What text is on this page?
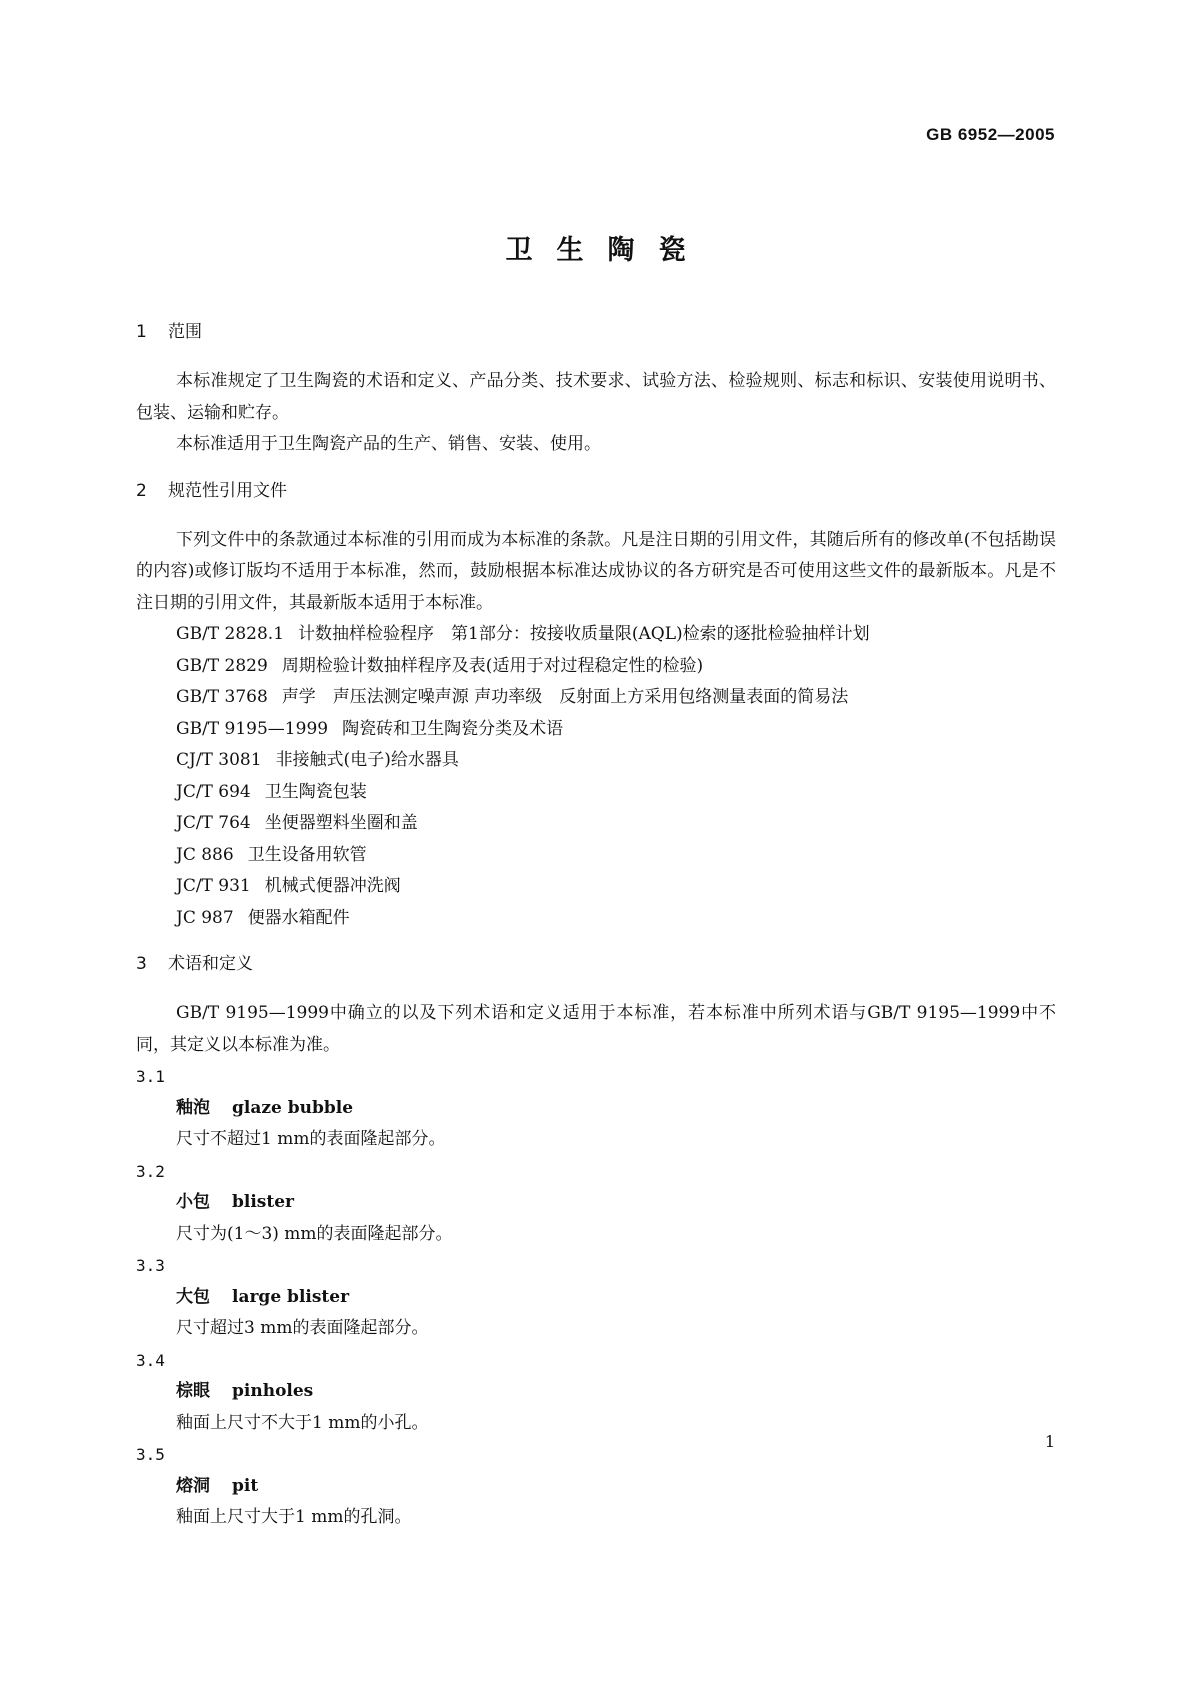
GB 6952—2005
卫生陶瓷
1 范围

本标准规定了卫生陶瓷的术语和定义、产品分类、技术要求、试验方法、检验规则、标志和标识、安装使用说明书、包装、运输和贮存。

本标准适用于卫生陶瓷产品的生产、销售、安装、使用。

2 规范性引用文件

下列文件中的条款通过本标准的引用而成为本标准的条款。凡是注日期的引用文件，其随后所有的修改单(不包括勘误的内容)或修订版均不适用于本标准，然而，鼓励根据本标准达成协议的各方研究是否可使用这些文件的最新版本。凡是不注日期的引用文件，其最新版本适用于本标准。

GB/T 2828.1 计数抽样检验程序　第1部分：按接收质量限(AQL)检索的逐批检验抽样计划
GB/T 2829 周期检验计数抽样程序及表(适用于对过程稳定性的检验)
GB/T 3768 声学　声压法测定噪声源 声功率级　反射面上方采用包络测量表面的简易法
GB/T 9195—1999 陶瓷砖和卫生陶瓷分类及术语
CJ/T 3081 非接触式(电子)给水器具
JC/T 694 卫生陶瓷包装
JC/T 764 坐便器塑料坐圈和盖
JC 886 卫生设备用软管
JC/T 931 机械式便器冲洗阀
JC 987 便器水箱配件
3 术语和定义

GB/T 9195—1999中确立的以及下列术语和定义适用于本标准，若本标准中所列术语与GB/T 9195—1999中不同，其定义以本标准为准。

3.1

釉泡 glaze bubble

尺寸不超过1 mm的表面隆起部分。

3.2

小包 blister

尺寸为(1～3) mm的表面隆起部分。

3.3

大包 large blister

尺寸超过3 mm的表面隆起部分。

3.4

棕眼 pinholes

釉面上尺寸不大于1 mm的小孔。

3.5

熔洞 pit

釉面上尺寸大于1 mm的孔洞。

1
